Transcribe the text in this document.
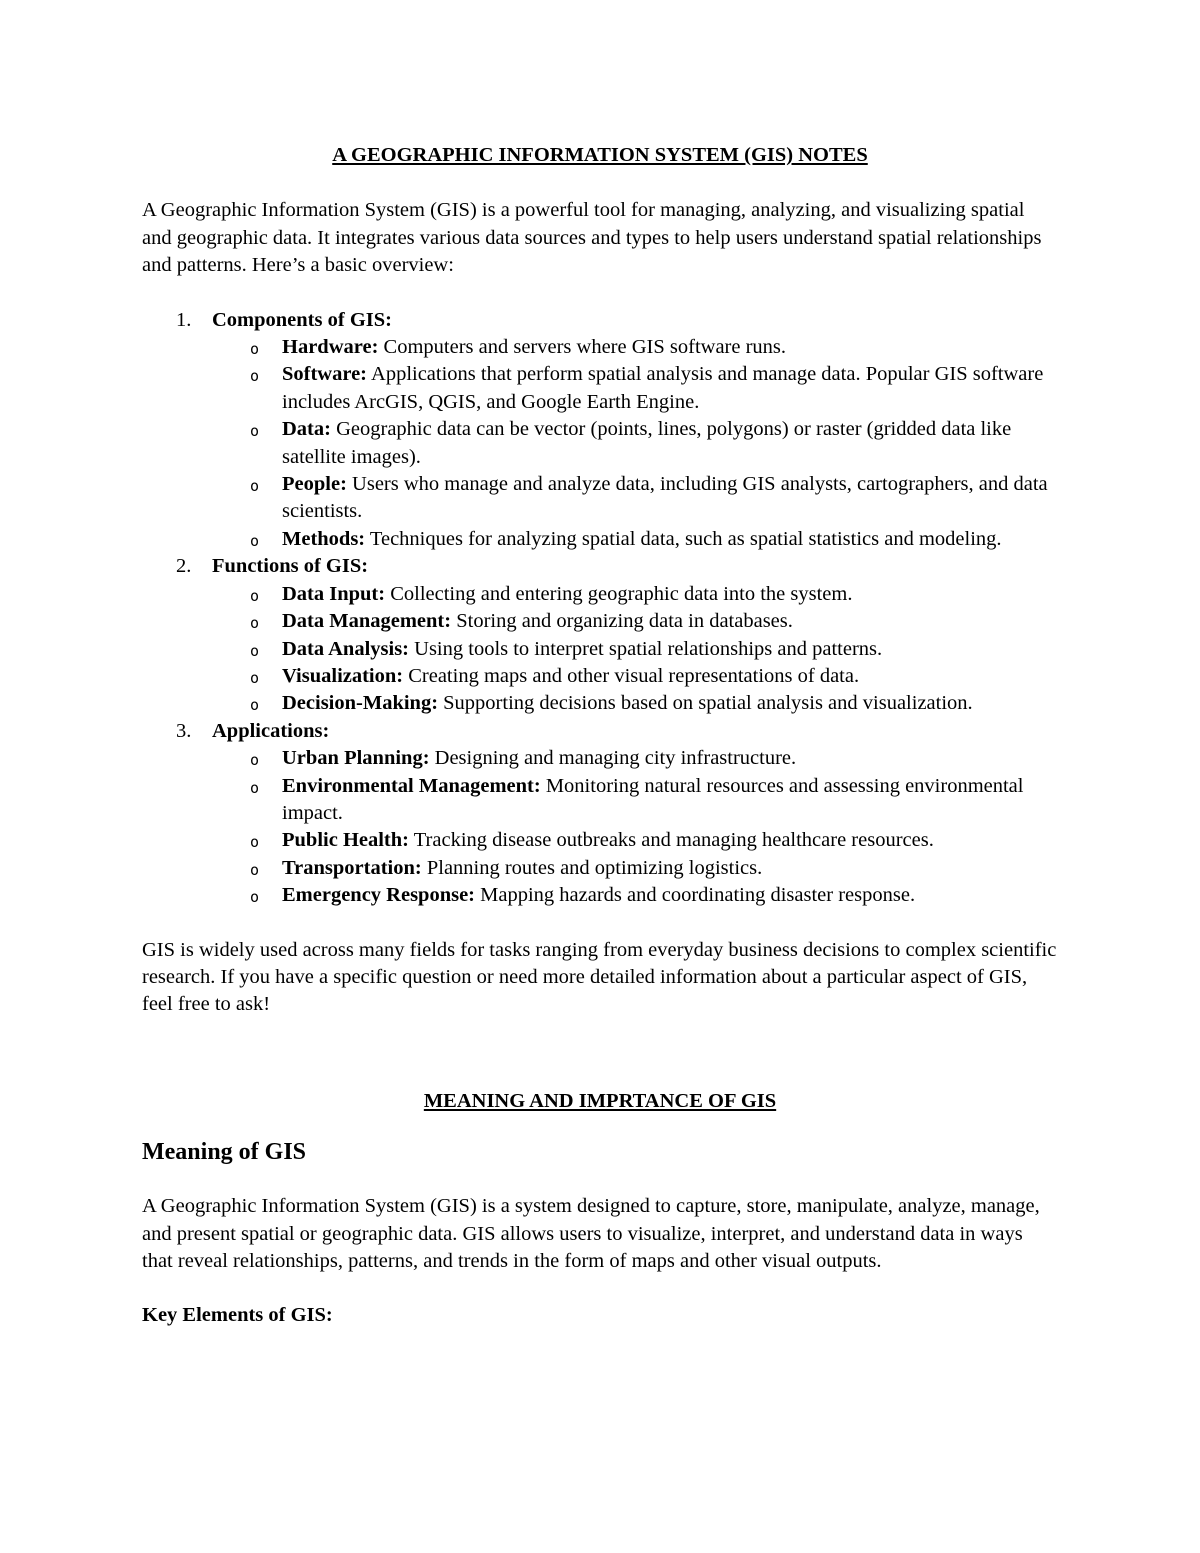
A GEOGRAPHIC INFORMATION SYSTEM (GIS) NOTES

A Geographic Information System (GIS) is a powerful tool for managing, analyzing, and visualizing spatial and geographic data. It integrates various data sources and types to help users understand spatial relationships and patterns. Here’s a basic overview:

1. Components of GIS:
o Hardware: Computers and servers where GIS software runs.
o Software: Applications that perform spatial analysis and manage data. Popular GIS software includes ArcGIS, QGIS, and Google Earth Engine.
o Data: Geographic data can be vector (points, lines, polygons) or raster (gridded data like satellite images).
o People: Users who manage and analyze data, including GIS analysts, cartographers, and data scientists.
o Methods: Techniques for analyzing spatial data, such as spatial statistics and modeling.
2. Functions of GIS:
o Data Input: Collecting and entering geographic data into the system.
o Data Management: Storing and organizing data in databases.
o Data Analysis: Using tools to interpret spatial relationships and patterns.
o Visualization: Creating maps and other visual representations of data.
o Decision-Making: Supporting decisions based on spatial analysis and visualization.
3. Applications:
o Urban Planning: Designing and managing city infrastructure.
o Environmental Management: Monitoring natural resources and assessing environmental impact.
o Public Health: Tracking disease outbreaks and managing healthcare resources.
o Transportation: Planning routes and optimizing logistics.
o Emergency Response: Mapping hazards and coordinating disaster response.

GIS is widely used across many fields for tasks ranging from everyday business decisions to complex scientific research. If you have a specific question or need more detailed information about a particular aspect of GIS, feel free to ask!

MEANING AND IMPRTANCE OF GIS

Meaning of GIS

A Geographic Information System (GIS) is a system designed to capture, store, manipulate, analyze, manage, and present spatial or geographic data. GIS allows users to visualize, interpret, and understand data in ways that reveal relationships, patterns, and trends in the form of maps and other visual outputs.

Key Elements of GIS:
